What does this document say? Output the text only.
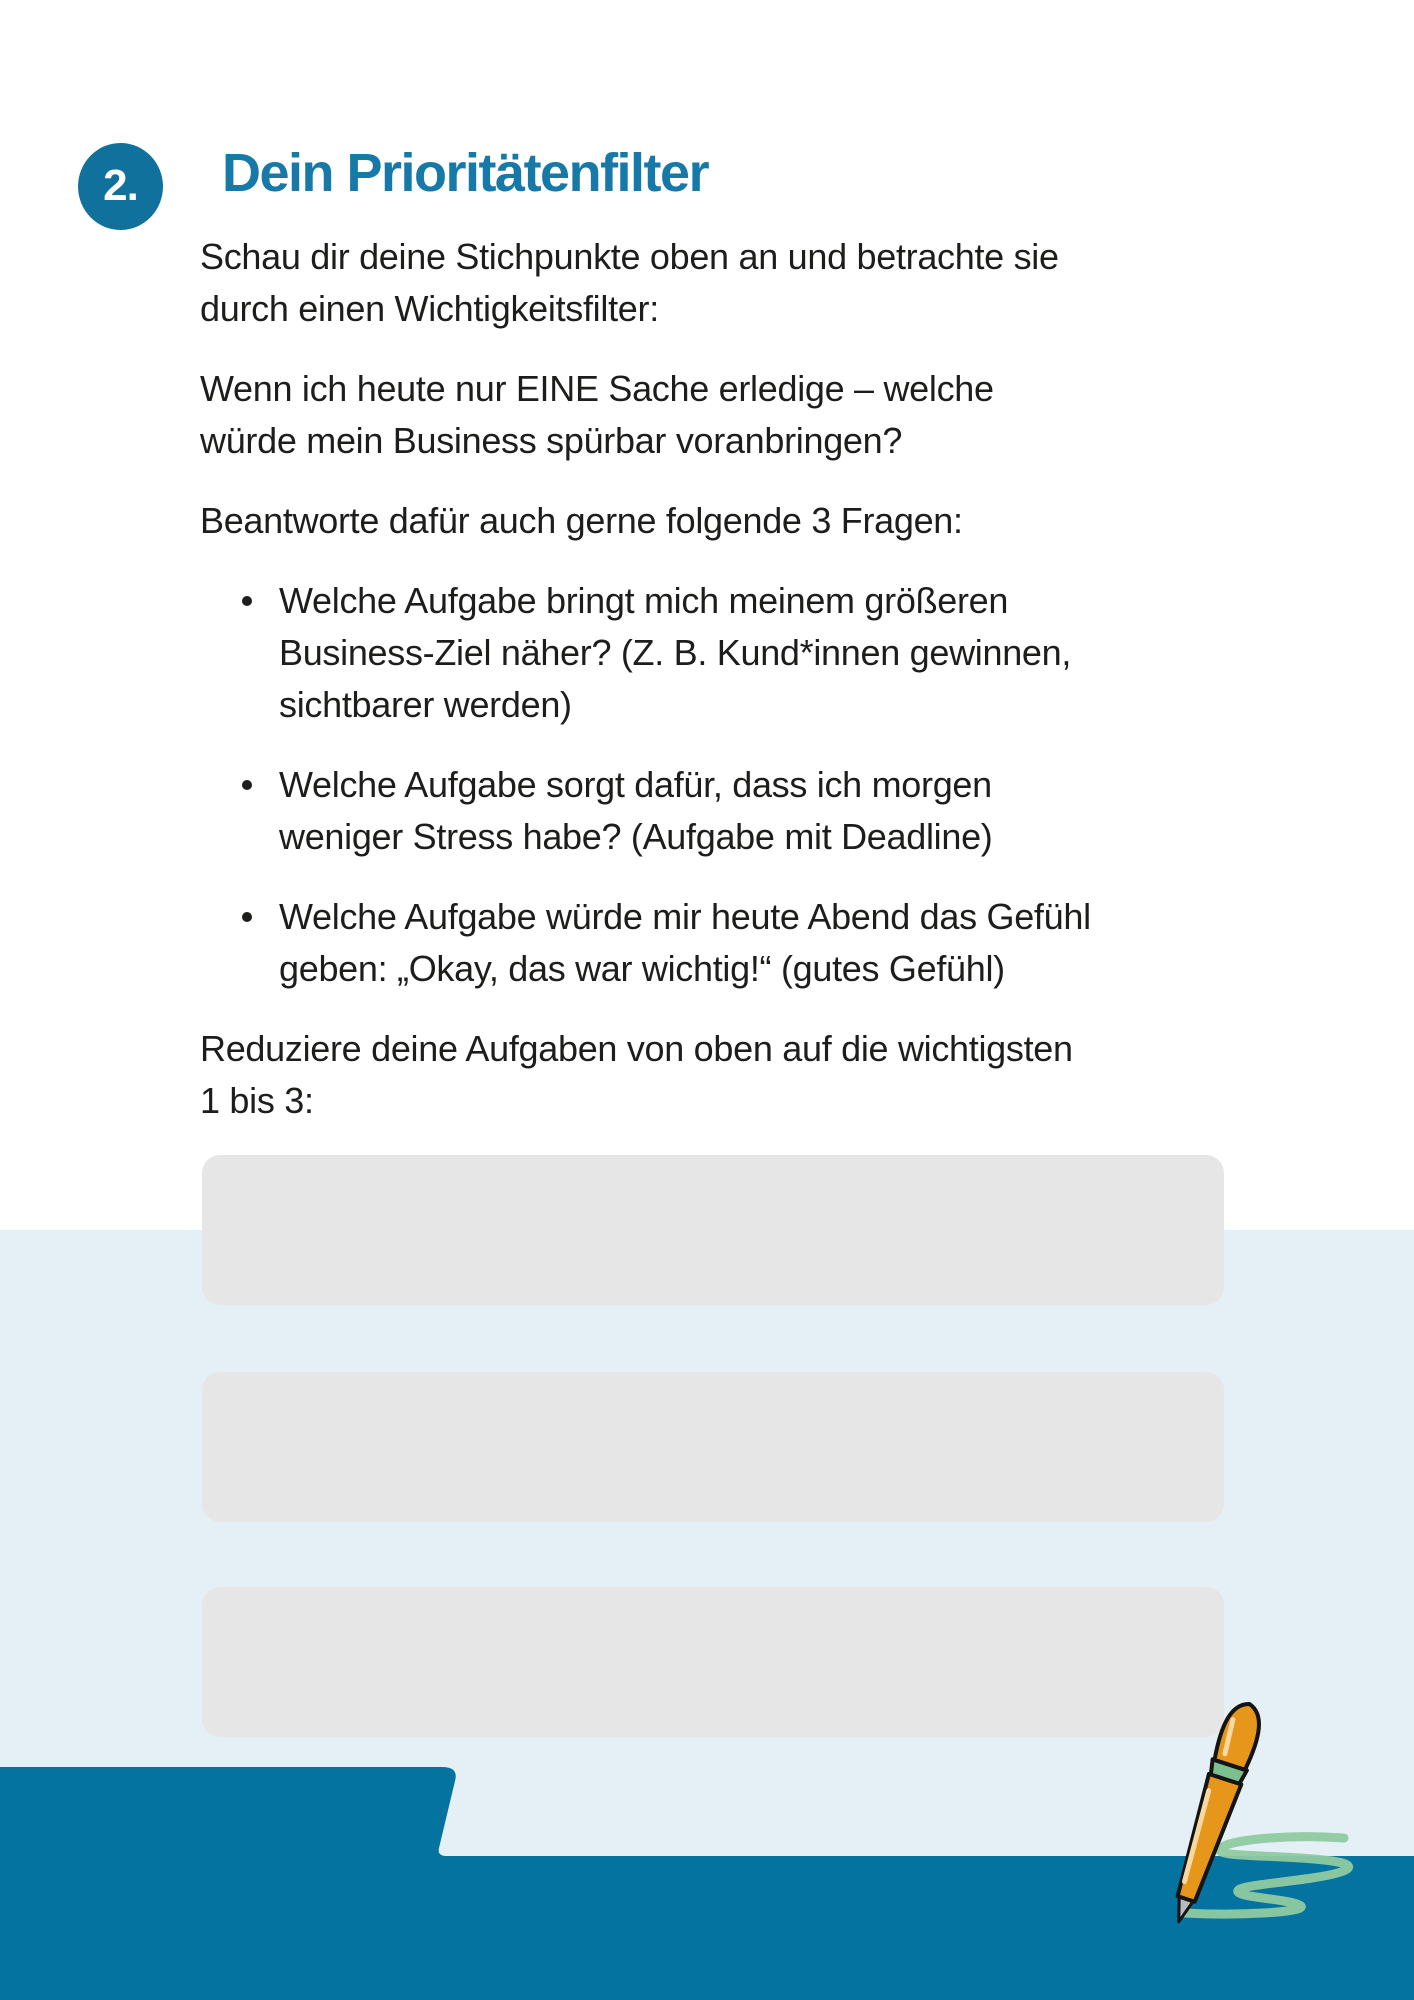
2. Dein Prioritätenfilter
Schau dir deine Stichpunkte oben an und betrachte sie
durch einen Wichtigkeitsfilter:
Wenn ich heute nur EINE Sache erledige – welche
würde mein Business spürbar voranbringen?
Beantworte dafür auch gerne folgende 3 Fragen:
Welche Aufgabe bringt mich meinem größeren
Business-Ziel näher? (Z. B. Kund*innen gewinnen,
sichtbarer werden)
Welche Aufgabe sorgt dafür, dass ich morgen
weniger Stress habe? (Aufgabe mit Deadline)
Welche Aufgabe würde mir heute Abend das Gefühl
geben: „Okay, das war wichtig!“ (gutes Gefühl)
Reduziere deine Aufgaben von oben auf die wichtigsten
1 bis 3:
